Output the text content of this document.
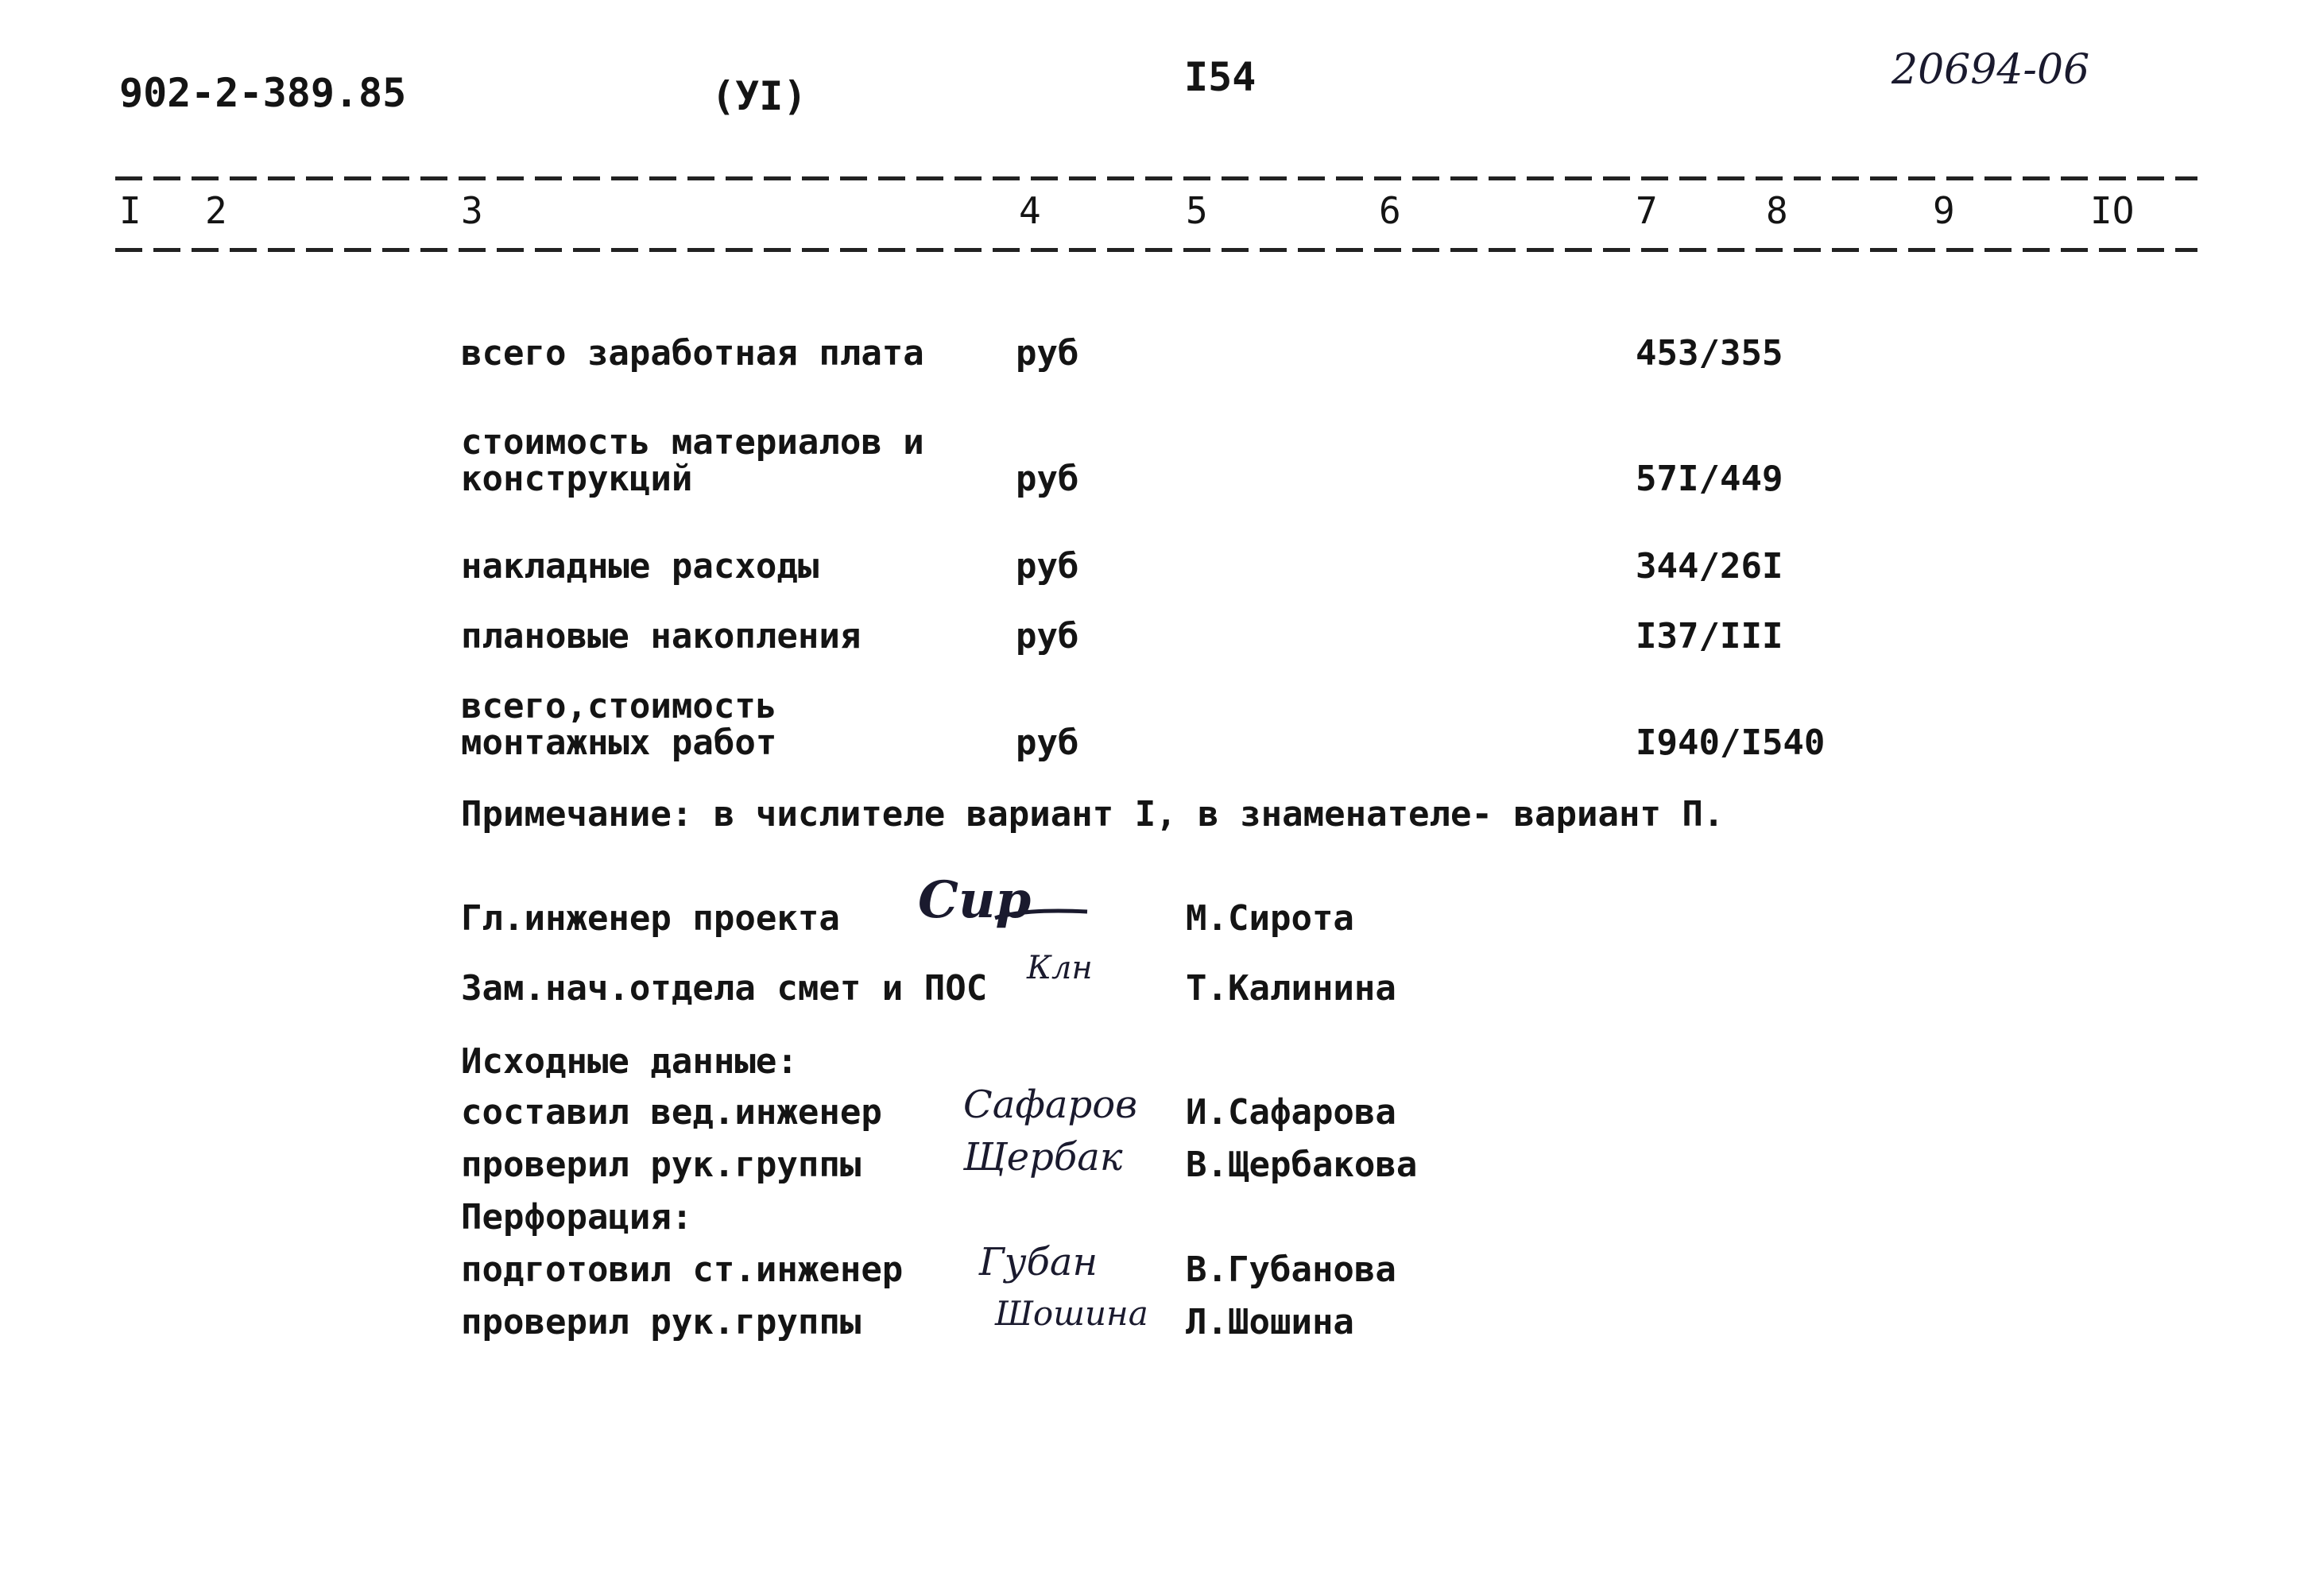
902-2-389.85	(УI)	I54	20694-06
I 2	3	4	5	6	7	8	9	IO
всего заработная плата	руб	453/355
стоимость материалов и
конструкций	руб	57I/449
накладные расходы	руб	344/26I
плановые накопления	руб	I37/III
всего,стоимость
монтажных работ	руб	I940/I540
Примечание: в числителе вариант I, в знаменателе- вариант П.
Гл.инженер проекта Сир	М.Сирота
Зам.нач.отдела смет и ПОС Клн	Т.Калинина
Исходные данные:
составил вед.инженер Сафаров И.Сафарова
проверил рук.группы	Щербак В.Щербакова
Перфорация:
подготовил ст.инженер Губан	В.Губанова
проверил рук.группы	Шошина Л.Шошина
